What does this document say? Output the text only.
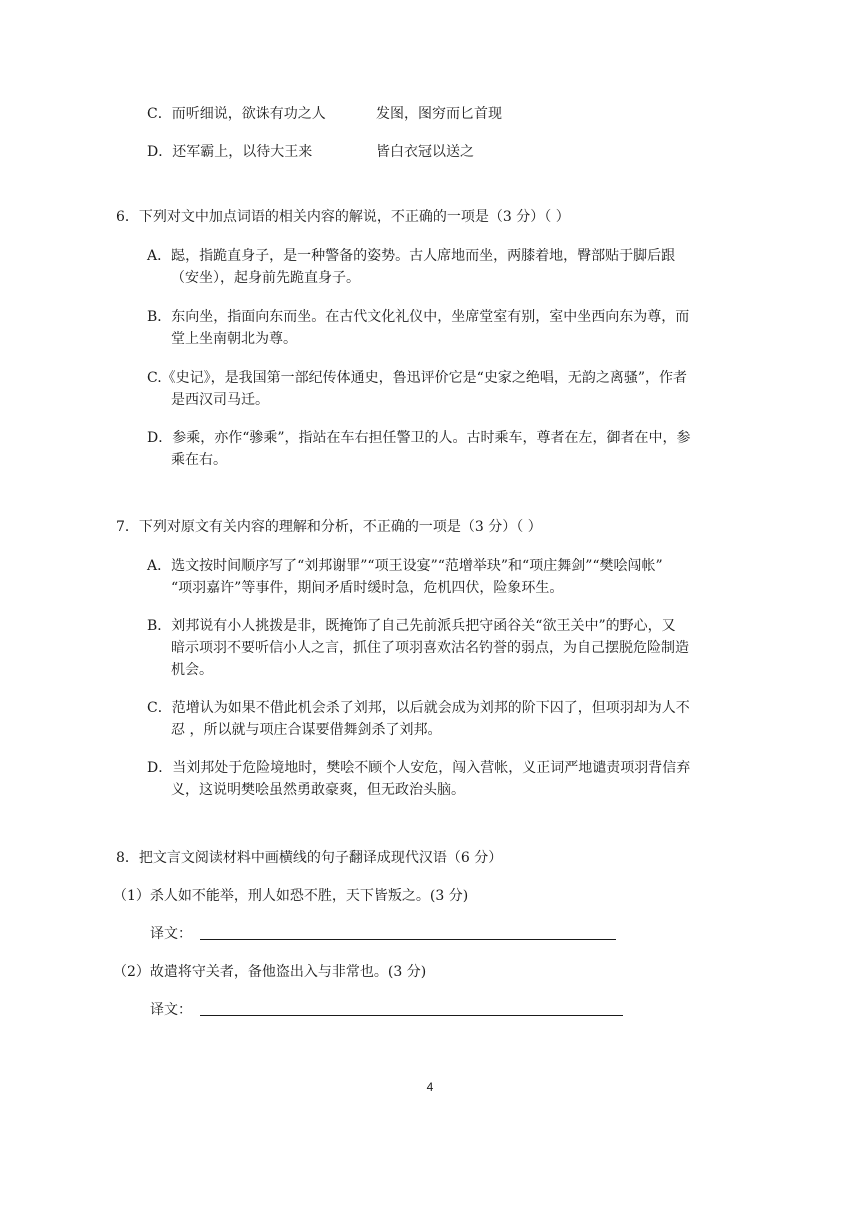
C．而听细说，欲诛有功之人	发图，图穷而匕首现
D．还军霸上，以待大王来	皆白衣冠以送之
6．下列对文中加点词语的相关内容的解说，不正确的一项是（3 分）（ ）
A．跽，指跪直身子，是一种警备的姿势。古人席地而坐，两膝着地，臀部贴于脚后跟
（安坐），起身前先跪直身子。
B．东向坐，指面向东而坐。在古代文化礼仪中，坐席堂室有别，室中坐西向东为尊，而
堂上坐南朝北为尊。
C.《史记》，是我国第一部纪传体通史，鲁迅评价它是“史家之绝唱，无韵之离骚”，作者
是西汉司马迁。
D．参乘，亦作“骖乘”，指站在车右担任警卫的人。古时乘车，尊者在左，御者在中，参
乘在右。
7．下列对原文有关内容的理解和分析，不正确的一项是（3 分）（ ）
A．选文按时间顺序写了“刘邦谢罪”“项王设宴”“范增举玦”和“项庄舞剑”“樊哙闯帐”
“项羽嘉许”等事件，期间矛盾时缓时急，危机四伏，险象环生。
B．刘邦说有小人挑拨是非，既掩饰了自己先前派兵把守函谷关“欲王关中”的野心，又
暗示项羽不要听信小人之言，抓住了项羽喜欢沽名钓誉的弱点，为自己摆脱危险制造
机会。
C．范增认为如果不借此机会杀了刘邦，以后就会成为刘邦的阶下囚了，但项羽却为人不
忍 ，所以就与项庄合谋要借舞剑杀了刘邦。
D．当刘邦处于危险境地时，樊哙不顾个人安危，闯入营帐，义正词严地谴责项羽背信弃
义，这说明樊哙虽然勇敢豪爽，但无政治头脑。
8．把文言文阅读材料中画横线的句子翻译成现代汉语（6 分）
（1）杀人如不能举，刑人如恐不胜，天下皆叛之。(3 分)
译文：
（2）故遣将守关者，备他盗出入与非常也。(3 分)
译文：
4
